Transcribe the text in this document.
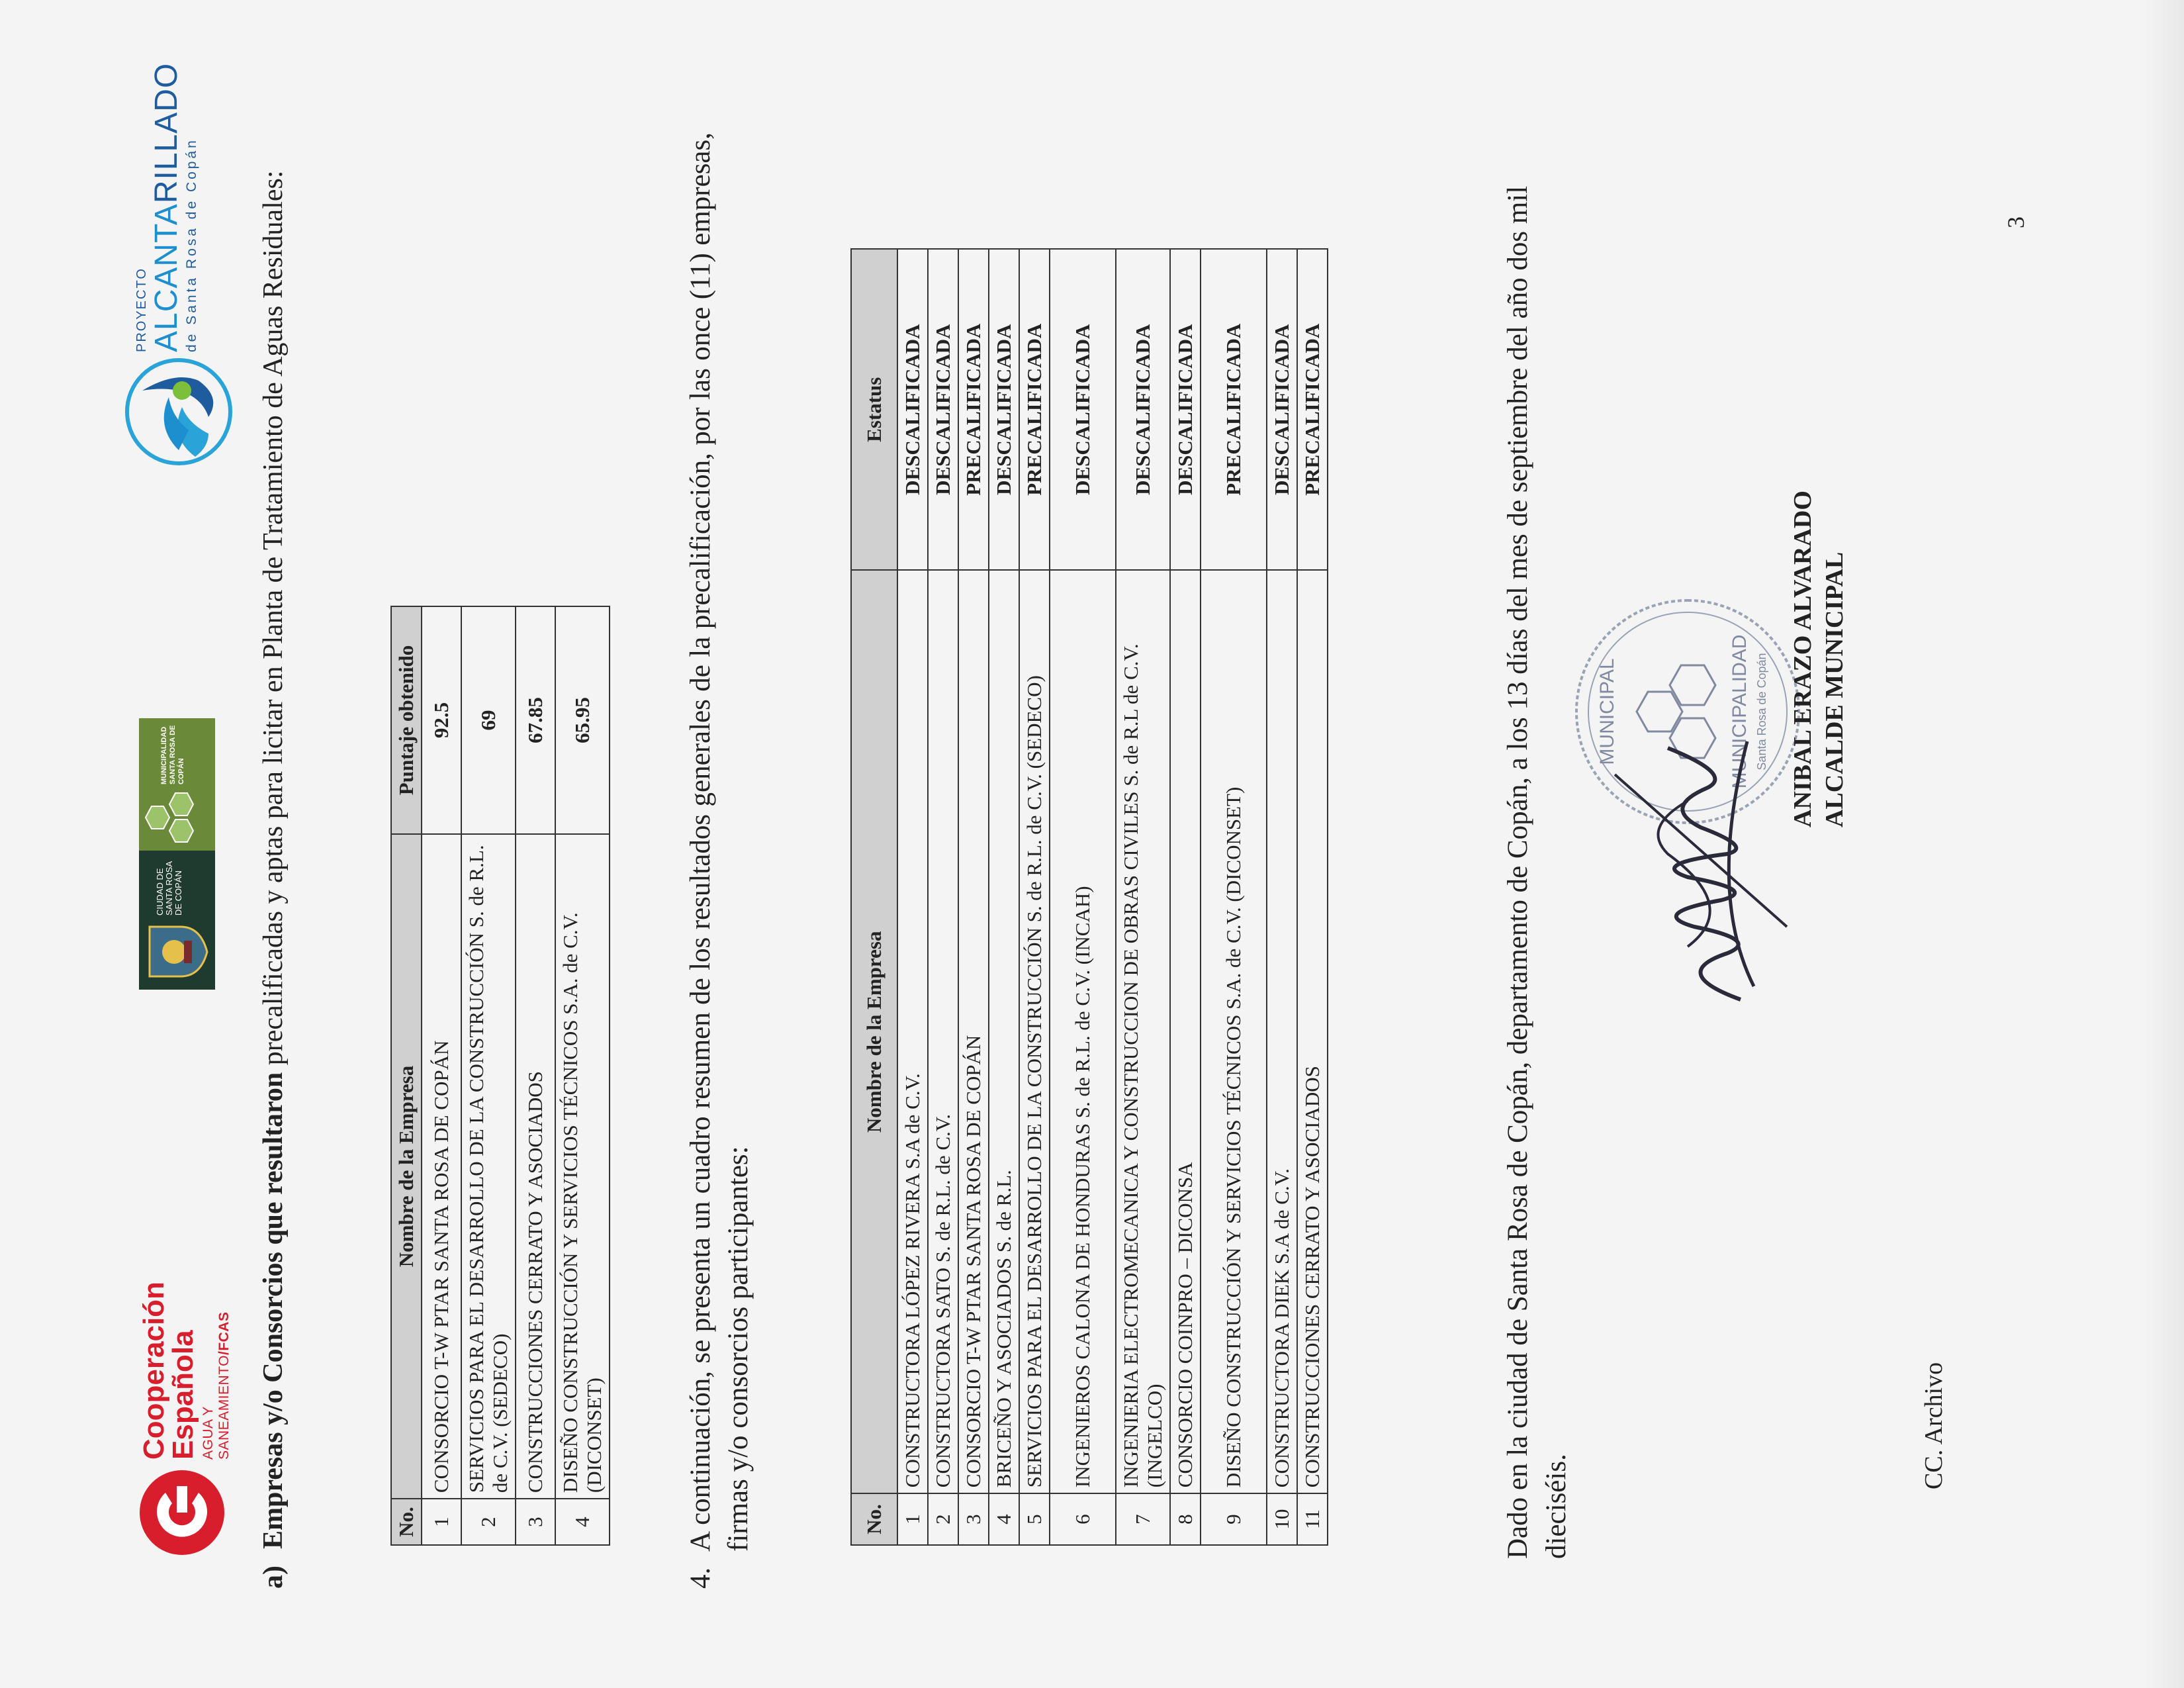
Cooperación
Española AGUA Y SANEAMIENTO/FCAS
CIUDAD DE SANTA ROSA DE COPÁN
MUNICIPALIDAD SANTA ROSA DE COPÁN
PROYECTO ALCANTARILLADO
de Santa Rosa de Copán
a)Empresas y/o Consorcios que resultaron precalificadas y aptas para licitar en Planta de Tratamiento de Aguas Residuales:
No.	Nombre de la Empresa	Puntaje obtenido
1	CONSORCIO T-W PTAR SANTA ROSA DE COPÁN	92.5
2	SERVICIOS PARA EL DESARROLLO DE LA CONSTRUCCIÓN S. de R.L. de C.V. (SEDECO)	69
3	CONSTRUCCIONES CERRATO Y ASOCIADOS	67.85
4	DISEÑO CONSTRUCCIÓN Y SERVICIOS TÉCNICOS S.A. de C.V. (DICONSET)	65.95
4.
A continuación, se presenta un cuadro resumen de los resultados generales de la precalificación, por las once (11) empresas, firmas y/o consorcios participantes:	No.	Nombre de la Empresa	Estatus
1	CONSTRUCTORA LÓPEZ RIVERA S.A de C.V.	DESCALIFICADA
2	CONSTRUCTORA SATO S. de R.L. de C.V.	DESCALIFICADA
3	CONSORCIO T-W PTAR SANTA ROSA DE COPÁN	PRECALIFICADA
4	BRICEÑO Y ASOCIADOS S. de R.L.	DESCALIFICADA
5	SERVICIOS PARA EL DESARROLLO DE LA CONSTRUCCIÓN S. de R.L. de C.V. (SEDECO)	PRECALIFICADA
6	INGENIEROS CALONA DE HONDURAS S. de R.L. de C.V. (INCAH)	DESCALIFICADA
7	INGENIERIA ELECTROMECANICA Y CONSTRUCCION DE OBRAS CIVILES S. de R.L de C.V. (INGELCO)	DESCALIFICADA
8	CONSORCIO COINPRO – DICONSA	DESCALIFICADA
9	DISEÑO CONSTRUCCIÓN Y SERVICIOS TÉCNICOS S.A. de C.V. (DICONSET)	PRECALIFICADA
10	CONSTRUCTORA DIEK S.A de C.V.	DESCALIFICADA
11	CONSTRUCCIONES CERRATO Y ASOCIADOS	PRECALIFICADA	Dado en la ciudad de Santa Rosa de Copán, departamento de Copán, a los 13 días del mes de septiembre del año dos mil dieciséis.
MUNICIPAL	MUNICIPALIDAD Santa Rosa de Copán ANIBAL ERAZO ALVARADO ALCALDE MUNICIPAL
CC. Archivo
3
